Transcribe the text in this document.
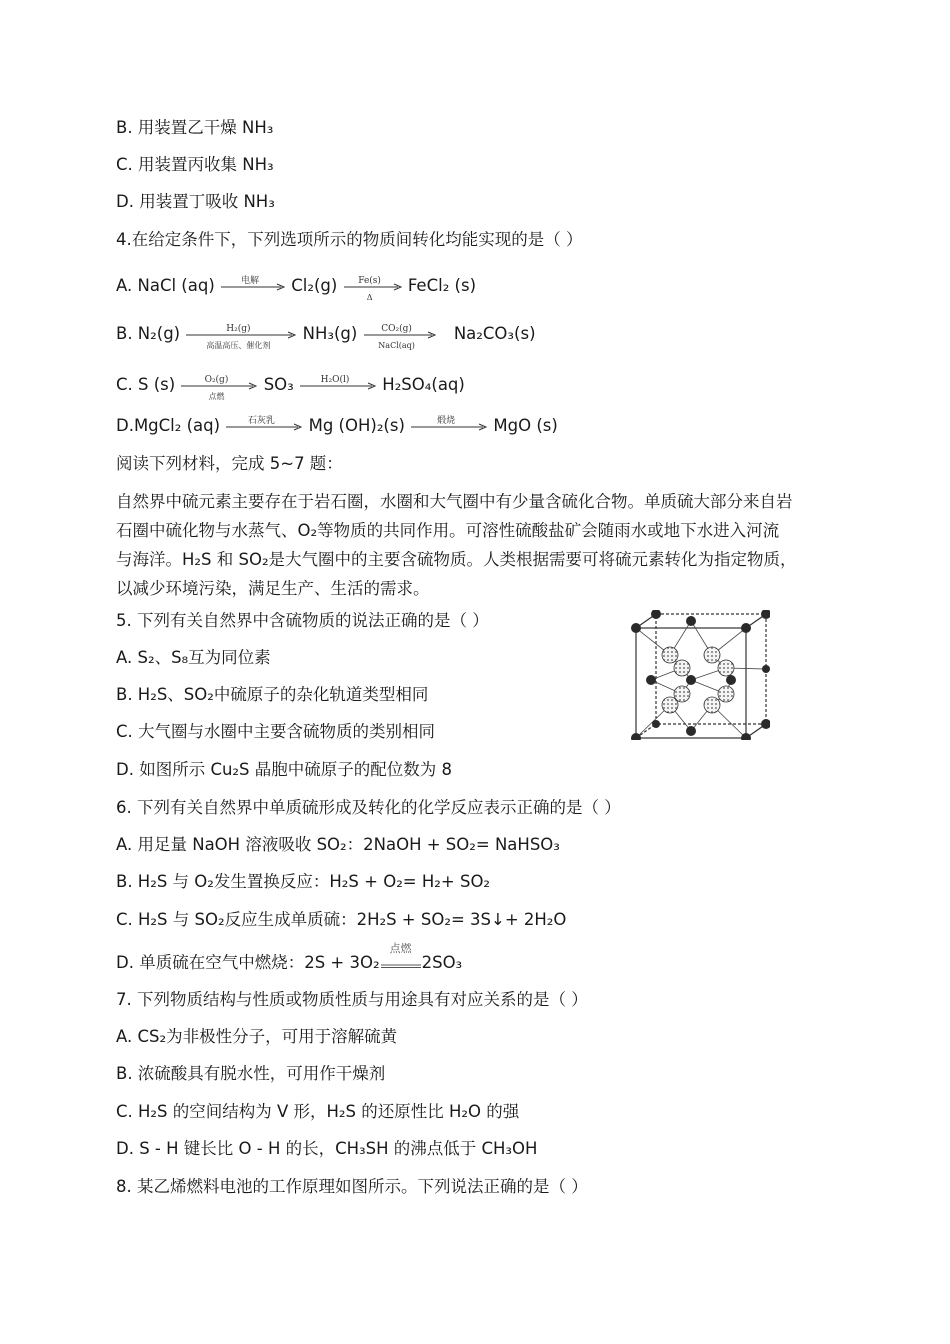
B. 用装置乙干燥 NH₃
C. 用装置丙收集 NH₃
D. 用装置丁吸收 NH₃
4.在给定条件下，下列选项所示的物质间转化均能实现的是（ ）
A. NaCl (aq)	电解	Cl₂(g)	Fe(s)
Δ
FeCl₂ (s)
B. N₂(g)	H₂(g)
高温高压、催化剂
NH₃(g)	CO₂(g)
NaCl(aq)
Na₂CO₃(s)
C. S (s)	O₂(g)
点燃
SO₃	H₂O(l)	H₂SO₄(aq)
D.MgCl₂ (aq)	石灰乳	Mg (OH)₂(s)	煅烧	MgO (s)
阅读下列材料，完成 5~7 题：
自然界中硫元素主要存在于岩石圈，水圈和大气圈中有少量含硫化合物。单质硫大部分来自岩
石圈中硫化物与水蒸气、O₂等物质的共同作用。可溶性硫酸盐矿会随雨水或地下水进入河流
与海洋。H₂S 和 SO₂是大气圈中的主要含硫物质。人类根据需要可将硫元素转化为指定物质，
以减少环境污染，满足生产、生活的需求。
5. 下列有关自然界中含硫物质的说法正确的是（ ）
A. S₂、S₈互为同位素
B. H₂S、SO₂中硫原子的杂化轨道类型相同
C. 大气圈与水圈中主要含硫物质的类别相同
D. 如图所示 Cu₂S 晶胞中硫原子的配位数为 8
6. 下列有关自然界中单质硫形成及转化的化学反应表示正确的是（ ）
A. 用足量 NaOH 溶液吸收 SO₂：2NaOH + SO₂= NaHSO₃
B. H₂S 与 O₂发生置换反应：H₂S + O₂= H₂+ SO₂
C. H₂S 与 SO₂反应生成单质硫：2H₂S + SO₂= 3S↓+ 2H₂O
D. 单质硫在空气中燃烧：2S + 3O₂
点燃
2SO₃
7. 下列物质结构与性质或物质性质与用途具有对应关系的是（ ）
A. CS₂为非极性分子，可用于溶解硫黄
B. 浓硫酸具有脱水性，可用作干燥剂
C. H₂S 的空间结构为 V 形，H₂S 的还原性比 H₂O 的强
D. S - H 键长比 O - H 的长，CH₃SH 的沸点低于 CH₃OH
8. 某乙烯燃料电池的工作原理如图所示。下列说法正确的是（ ）
